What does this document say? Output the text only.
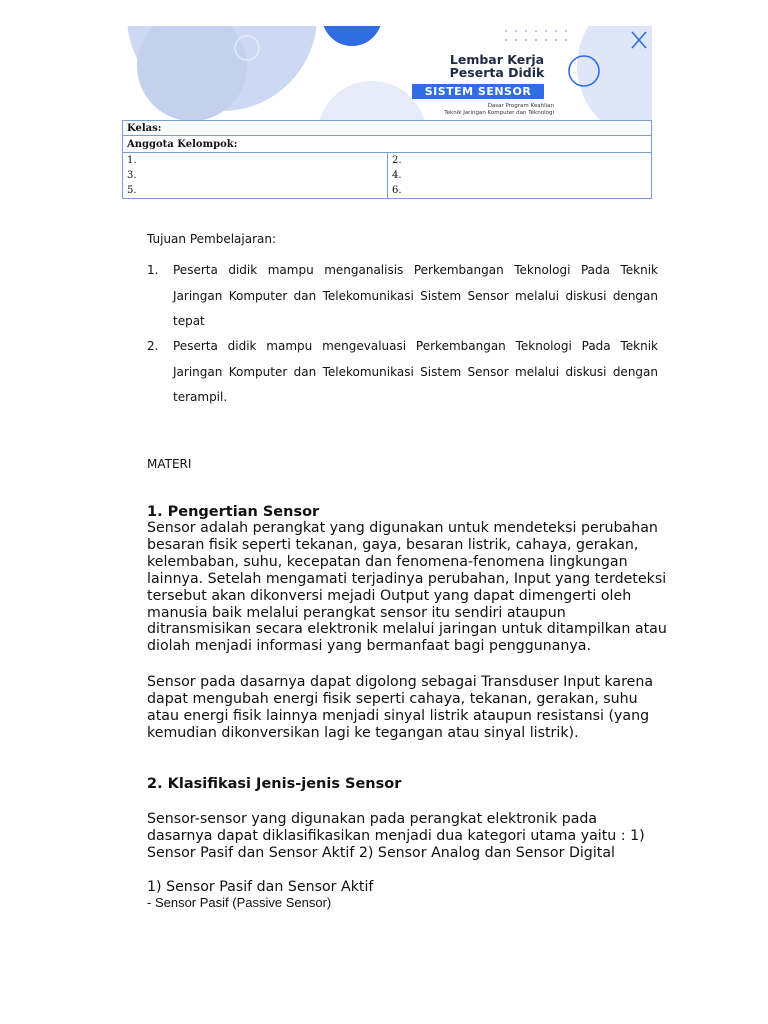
Lembar Kerja
Peserta Didik
SISTEM SENSOR
Dasar Program Keahlian
Teknik Jaringan Komputer dan Teknologi
Kelas:	
Anggota Kelompok:	
1.	2.
3.	4.
5.	6.
Tujuan Pembelajaran:
1. Peserta didik mampu menganalisis Perkembangan Teknologi Pada Teknik Jaringan Komputer dan Telekomunikasi Sistem Sensor melalui diskusi dengan tepat
2. Peserta didik mampu mengevaluasi Perkembangan Teknologi Pada Teknik Jaringan Komputer dan Telekomunikasi Sistem Sensor melalui diskusi dengan terampil.
MATERI
1. Pengertian Sensor
Sensor adalah perangkat yang digunakan untuk mendeteksi perubahan besaran fisik seperti tekanan, gaya, besaran listrik, cahaya, gerakan, kelembaban, suhu, kecepatan dan fenomena-fenomena lingkungan lainnya. Setelah mengamati terjadinya perubahan, Input yang terdeteksi tersebut akan dikonversi mejadi Output yang dapat dimengerti oleh manusia baik melalui perangkat sensor itu sendiri ataupun ditransmisikan secara elektronik melalui jaringan untuk ditampilkan atau diolah menjadi informasi yang bermanfaat bagi penggunanya.
Sensor pada dasarnya dapat digolong sebagai Transduser Input karena dapat mengubah energi fisik seperti cahaya, tekanan, gerakan, suhu atau energi fisik lainnya menjadi sinyal listrik ataupun resistansi (yang kemudian dikonversikan lagi ke tegangan atau sinyal listrik).
2. Klasifikasi Jenis-jenis Sensor
Sensor-sensor yang digunakan pada perangkat elektronik pada dasarnya dapat diklasifikasikan menjadi dua kategori utama yaitu : 1) Sensor Pasif dan Sensor Aktif 2) Sensor Analog dan Sensor Digital
1) Sensor Pasif dan Sensor Aktif
- Sensor Pasif (Passive Sensor)
